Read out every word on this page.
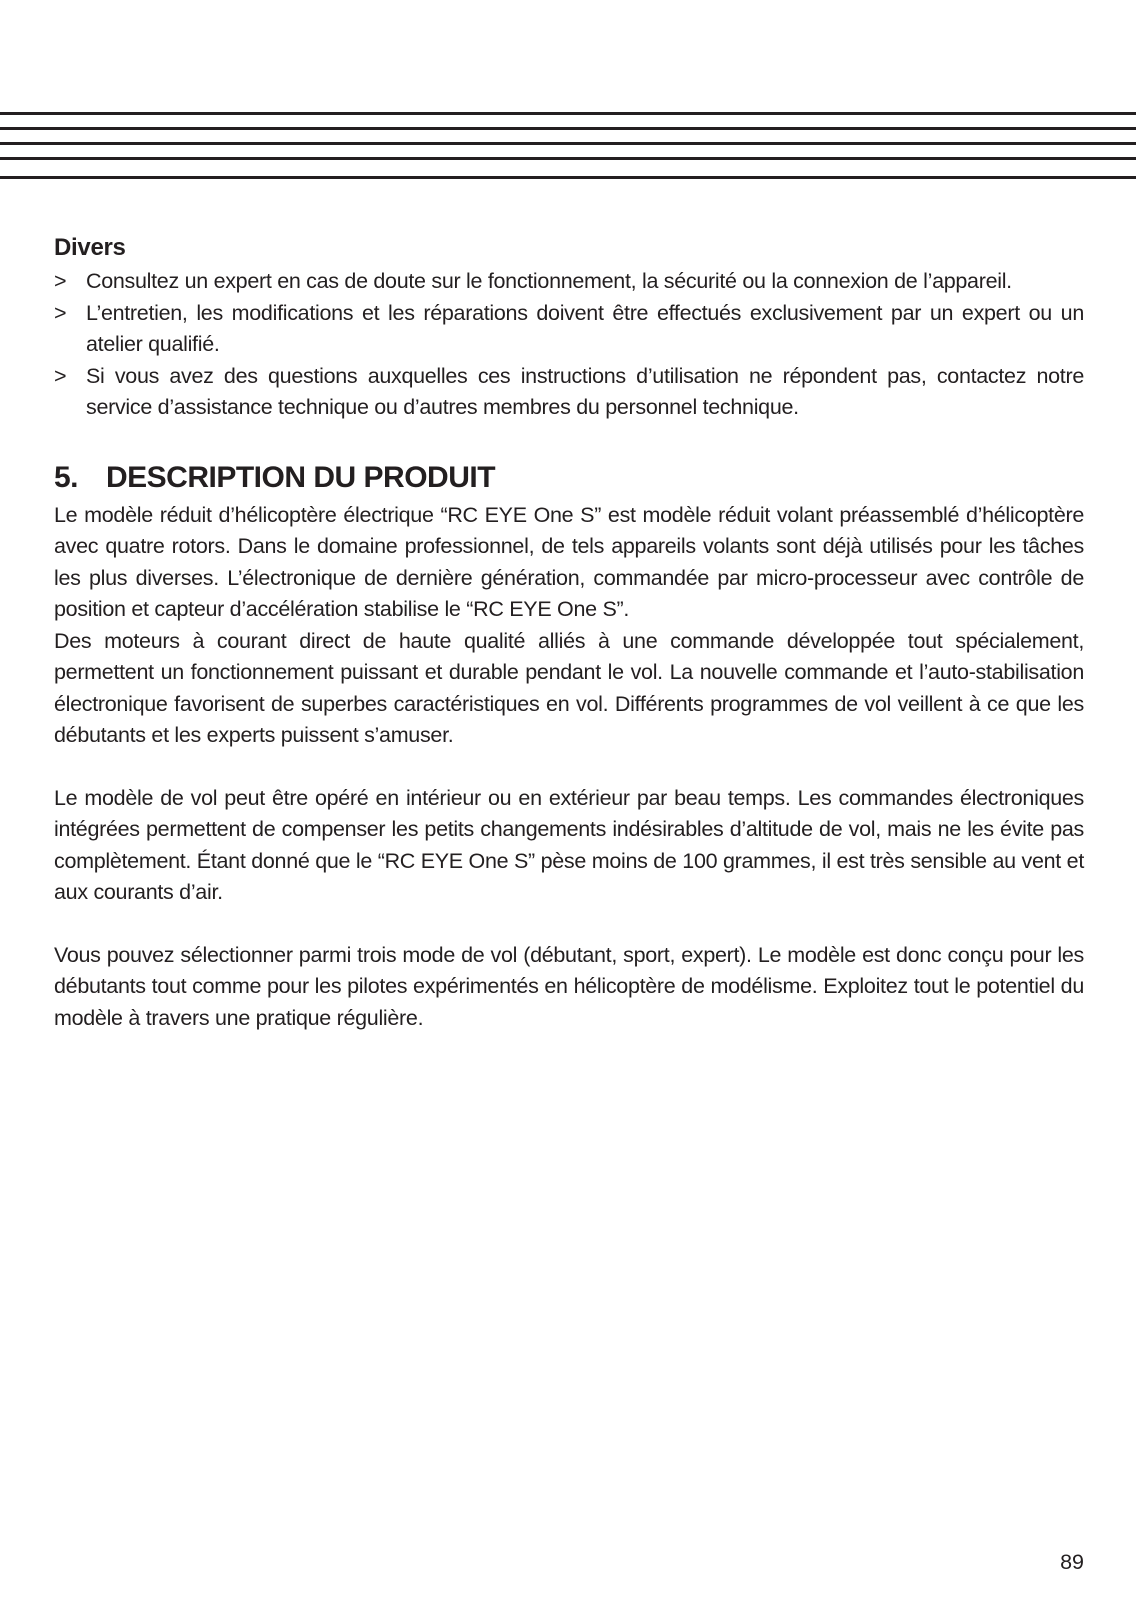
Divers
> Consultez un expert en cas de doute sur le fonctionnement, la sécurité ou la connexion de l’appareil.
> L’entretien, les modifications et les réparations doivent être effectués exclusivement par un expert ou un atelier qualifié.
> Si vous avez des questions auxquelles ces instructions d’utilisation ne répondent pas, contactez notre service d’assistance technique ou d’autres membres du personnel technique.
5. DESCRIPTION DU PRODUIT

Le modèle réduit d’hélicoptère électrique “RC EYE One S” est modèle réduit volant préassemblé d’hélicoptère avec quatre rotors. Dans le domaine professionnel, de tels appareils volants sont déjà utilisés pour les tâches les plus diverses. L’électronique de dernière génération, commandée par micro-processeur avec contrôle de position et capteur d’accélération stabilise le “RC EYE One S”.

Des moteurs à courant direct de haute qualité alliés à une commande développée tout spécialement, permettent un fonctionnement puissant et durable pendant le vol. La nouvelle commande et l’auto-stabilisation électronique favorisent de superbes caractéristiques en vol. Différents programmes de vol veillent à ce que les débutants et les experts puissent s’amuser.

Le modèle de vol peut être opéré en intérieur ou en extérieur par beau temps. Les commandes électroniques intégrées permettent de compenser les petits changements indésirables d’altitude de vol, mais ne les évite pas complètement. Étant donné que le “RC EYE One S” pèse moins de 100 grammes, il est très sensible au vent et aux courants d’air.

Vous pouvez sélectionner parmi trois mode de vol (débutant, sport, expert). Le modèle est donc conçu pour les débutants tout comme pour les pilotes expérimentés en hélicoptère de modélisme. Exploitez tout le potentiel du modèle à travers une pratique régulière.

89
